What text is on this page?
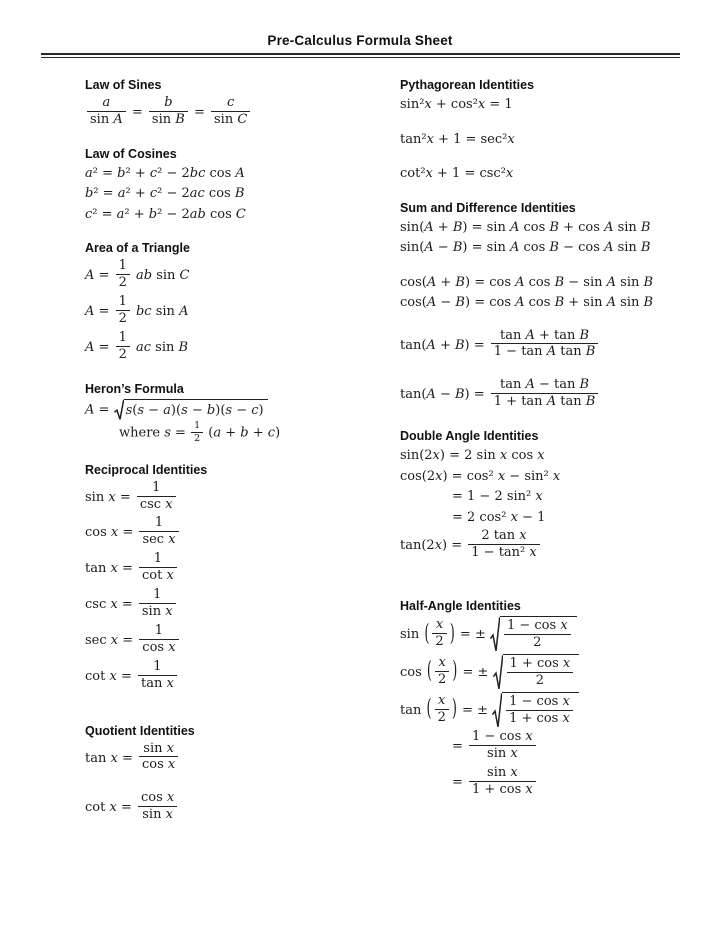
Pre-Calculus Formula Sheet
Law of Sines
$\frac{a}{\text{sin A}} = \frac{b}{\text{sin B}} = \frac{c}{\text{sin C}}$
Law of Cosines
a² = b² + c² − 2bc cos A
b² = a² + c² − 2ac cos B
c² = a² + b² − 2ab cos C
Area of a Triangle
$A = \frac{1}{2}$ ab sin C
$A = \frac{1}{2}$ bc sin A
$A = \frac{1}{2}$ ac sin B
Heron’s Formula
A =
s(s − a)(s − b)(s − c)
where $s = \frac{1}{2} (a + b + c)$
Reciprocal Identities
$\sin x = \frac{1}{\text{csc x}}$
$\cos x = \frac{1}{\text{sec x}}$
$\tan x = \frac{1}{\text{cot x}}$
$\csc x = \frac{1}{\text{sin x}}$
$\sec x = \frac{1}{\text{cos x}}$
$\cot x = \frac{1}{\text{tan x}}$
Quotient Identities
$\tan x = \frac{\text{sin x}}{\text{cos x}}$
$\cot x = \frac{\text{cos x}}{\text{sin x}}$
Pythagorean Identities
sin²x + cos²x = 1
tan²x + 1 = sec²x
cot²x + 1 = csc²x
Sum and Difference Identities
sin(A + B) = sin A cos B + cos A sin B
sin(A − B) = sin A cos B − cos A sin B
cos(A + B) = cos A cos B − sin A sin B
cos(A − B) = cos A cos B + sin A sin B
$\tan(A + B) = \frac{\text{tan A + tan B}}{\text{1 − tan A tan B}}$
$\tan(A - B) = \frac{\text{tan A − tan B}}{\text{1 + tan A tan B}}$
Double Angle Identities
sin(2x) = 2 sin x cos x
cos(2x) = cos² x − sin² x
= 1 − 2 sin² x
= 2 cos² x − 1
$\tan(2x) = \frac{\text{2 tan x}}{\text{1 − tan² x}}$
Half-Angle Identities
sin ( $\frac{x}{2}$ ) = ± $\frac{\text{1 − cos x}}{2}$
cos ( $\frac{x}{2}$ ) = ± $\frac{\text{1 + cos x}}{2}$
tan ( $\frac{x}{2}$ ) = ± $\frac{\text{1 − cos x}}{\text{1 + cos x}}$
= $\frac{\text{1 − cos x}}{\text{sin x}}$
= $\frac{\text{sin x}}{\text{1 + cos x}}$
